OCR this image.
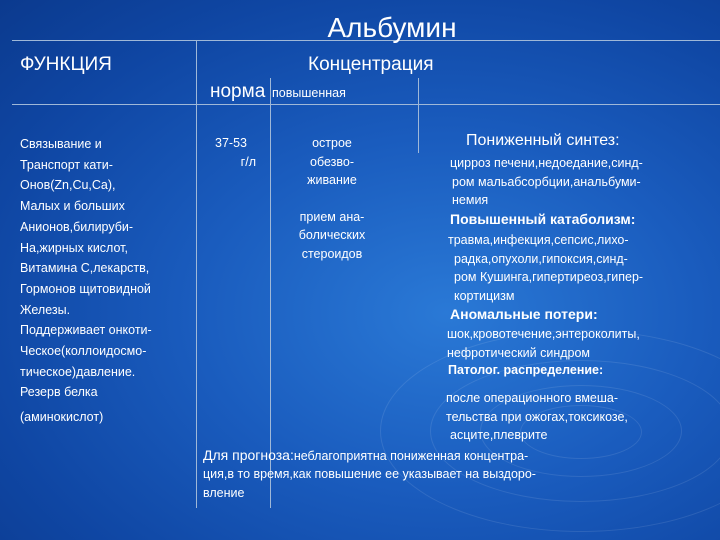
Альбумин
ФУНКЦИЯ	Концентрация
норма повышенная
Связывание и
Транспорт кати-
Онов(Zn,Cu,Ca),
Малых и больших
Анионов,билируби-
На,жирных кислот,
Витамина С,лекарств,
Гормонов щитовидной
Железы.
Поддерживает онкоти-
Ческое(коллоидосмо-
тическое)давление.
Резерв белка
(аминокислот)
37-53
г/л
острое
обезво-
живание
прием ана-
болических
стероидов
Пониженный синтез:
цирроз печени,недоедание,синд-
ром мальабсорбции,анальбуми-
немия
Повышенный катаболизм:
травма,инфекция,сепсис,лихо-
радка,опухоли,гипоксия,синд-
ром Кушинга,гипертиреоз,гипер-
кортицизм
Аномальные потери:
шок,кровотечение,энтероколиты,
нефротический синдром
Патолог. распределение:
после операционного вмеша-
тельства при ожогах,токсикозе,
асците,плеврите
Для прогноза:неблагоприятна пониженная концентра-
ция,в то время,как повышение ее указывает на выздоро-
вление
